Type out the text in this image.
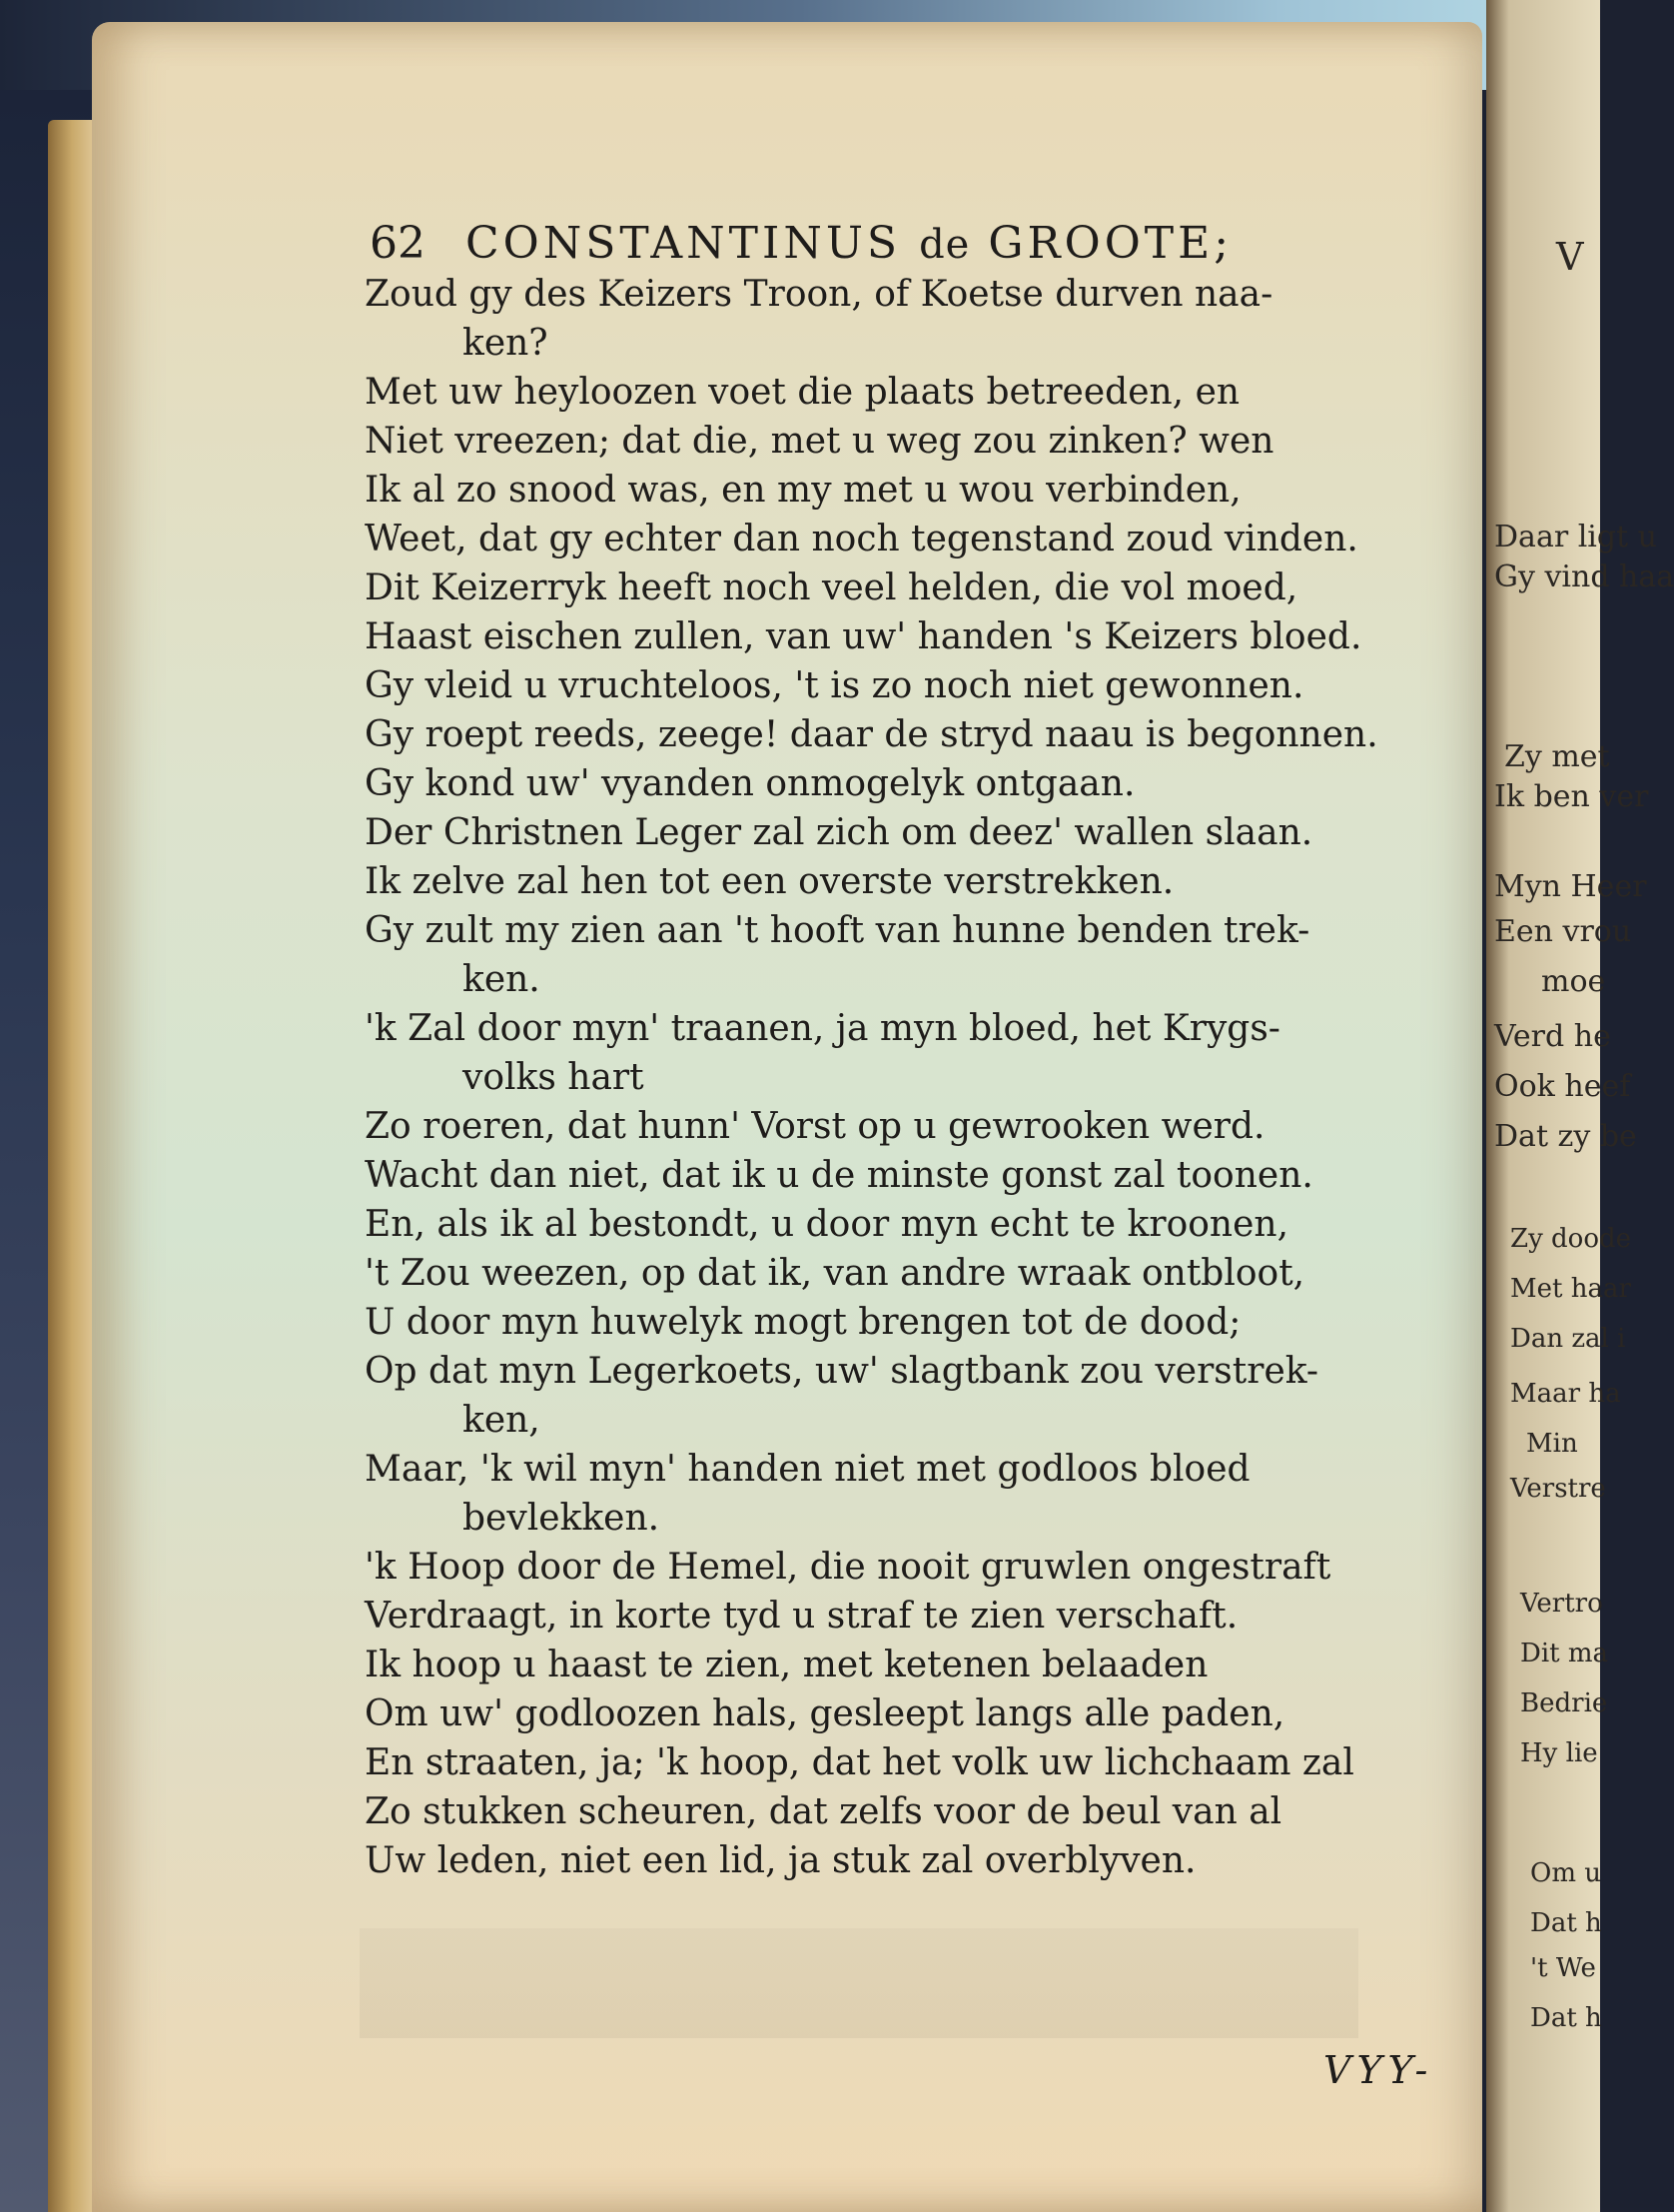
62 CONSTANTINUS de GROOTE;
Zoud gy des Keizers Troon, of Koetse durven naa-
ken?
Met uw heyloozen voet die plaats betreeden, en
Niet vreezen; dat die, met u weg zou zinken? wen
Ik al zo snood was, en my met u wou verbinden,
Weet, dat gy echter dan noch tegenstand zoud vinden.
Dit Keizerryk heeft noch veel helden, die vol moed,
Haast eischen zullen, van uw' handen 's Keizers bloed.
Gy vleid u vruchteloos, 't is zo noch niet gewonnen.
Gy roept reeds, zeege! daar de stryd naau is begonnen.
Gy kond uw' vyanden onmogelyk ontgaan.
Der Christnen Leger zal zich om deez' wallen slaan.
Ik zelve zal hen tot een overste verstrekken.
Gy zult my zien aan 't hooft van hunne benden trek-
ken.
'k Zal door myn' traanen, ja myn bloed, het Krygs-
volks hart
Zo roeren, dat hunn' Vorst op u gewrooken werd.
Wacht dan niet, dat ik u de minste gonst zal toonen.
En, als ik al bestondt, u door myn echt te kroonen,
't Zou weezen, op dat ik, van andre wraak ontbloot,
U door myn huwelyk mogt brengen tot de dood;
Op dat myn Legerkoets, uw' slagtbank zou verstrek-
ken,
Maar, 'k wil myn' handen niet met godloos bloed
bevlekken.
'k Hoop door de Hemel, die nooit gruwlen ongestraft
Verdraagt, in korte tyd u straf te zien verschaft.
Ik hoop u haast te zien, met ketenen belaaden
Om uw' godloozen hals, gesleept langs alle paden,
En straaten, ja; 'k hoop, dat het volk uw lichchaam zal
Zo stukken scheuren, dat zelfs voor de beul van al
Uw leden, niet een lid, ja stuk zal overblyven.
VYY-
V
Daar ligt u
Gy vind haa
Zy met
Ik ben ver
Myn Heer
Een vrou
moe
Verd he
Ook heef
Dat zy be
Zy doode
Met haar
Dan zal i
Maar ha
Min
Verstre
Vertro
Dit ma
Bedrie
Hy lie
Om u
Dat h
't We
Dat h
